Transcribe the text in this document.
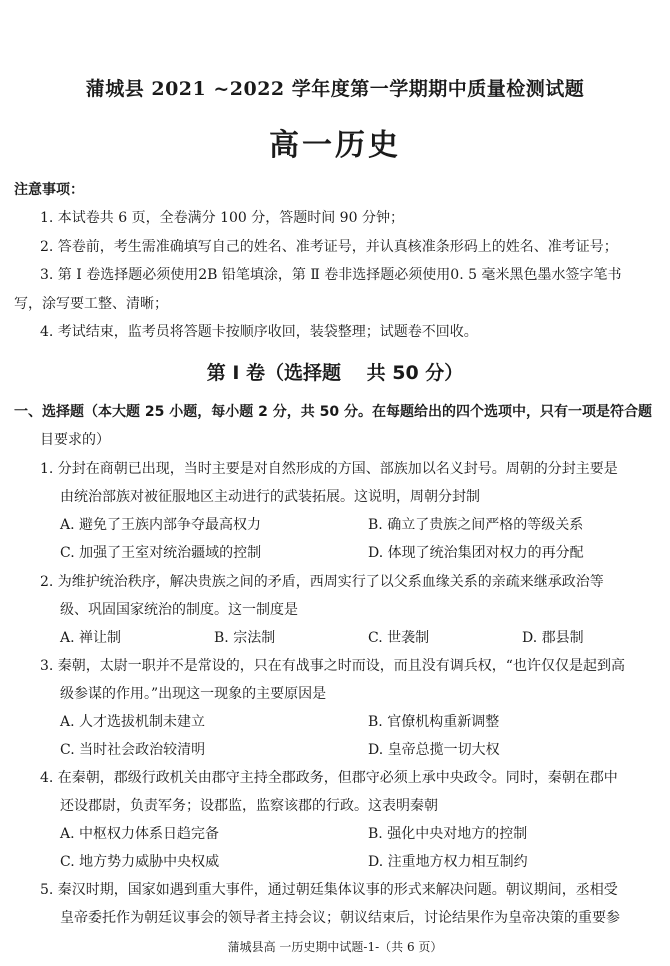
蒲城县 2021 ~2022 学年度第一学期期中质量检测试题
高一历史
注意事项：
1. 本试卷共 6 页，全卷满分 100 分，答题时间 90 分钟；
2. 答卷前，考生需准确填写自己的姓名、准考证号，并认真核准条形码上的姓名、准考证号；
3. 第 Ⅰ 卷选择题必须使用2B 铅笔填涂，第 Ⅱ 卷非选择题必须使用0. 5 毫米黑色墨水签字笔书
写，涂写要工整、清晰；
4. 考试结束，监考员将答题卡按顺序收回，装袋整理；试题卷不回收。
第 Ⅰ 卷（选择题　 共 50 分）
一、选择题（本大题 25 小题，每小题 2 分，共 50 分。在每题给出的四个选项中，只有一项是符合题
目要求的）
1. 分封在商朝已出现，当时主要是对自然形成的方国、部族加以名义封号。周朝的分封主要是
由统治部族对被征服地区主动进行的武装拓展。这说明，周朝分封制
A. 避免了王族内部争夺最高权力	B. 确立了贵族之间严格的等级关系
C. 加强了王室对统治疆域的控制	D. 体现了统治集团对权力的再分配
2. 为维护统治秩序，解决贵族之间的矛盾，西周实行了以父系血缘关系的亲疏来继承政治等
级、巩固国家统治的制度。这一制度是
A. 禅让制	B. 宗法制	C. 世袭制	D. 郡县制
3. 秦朝，太尉一职并不是常设的，只在有战事之时而设，而且没有调兵权，“也许仅仅是起到高
级参谋的作用。”出现这一现象的主要原因是
A. 人才选拔机制未建立	B. 官僚机构重新调整
C. 当时社会政治较清明	D. 皇帝总揽一切大权
4. 在秦朝，郡级行政机关由郡守主持全郡政务，但郡守必须上承中央政令。同时，秦朝在郡中
还设郡尉，负责军务；设郡监，监察该郡的行政。这表明秦朝
A. 中枢权力体系日趋完备	B. 强化中央对地方的控制
C. 地方势力威胁中央权威	D. 注重地方权力相互制约
5. 秦汉时期，国家如遇到重大事件，通过朝廷集体议事的形式来解决问题。朝议期间，丞相受
皇帝委托作为朝廷议事会的领导者主持会议；朝议结束后，讨论结果作为皇帝决策的重要参
蒲城县高 一历史期中试题-1-（共 6 页）
